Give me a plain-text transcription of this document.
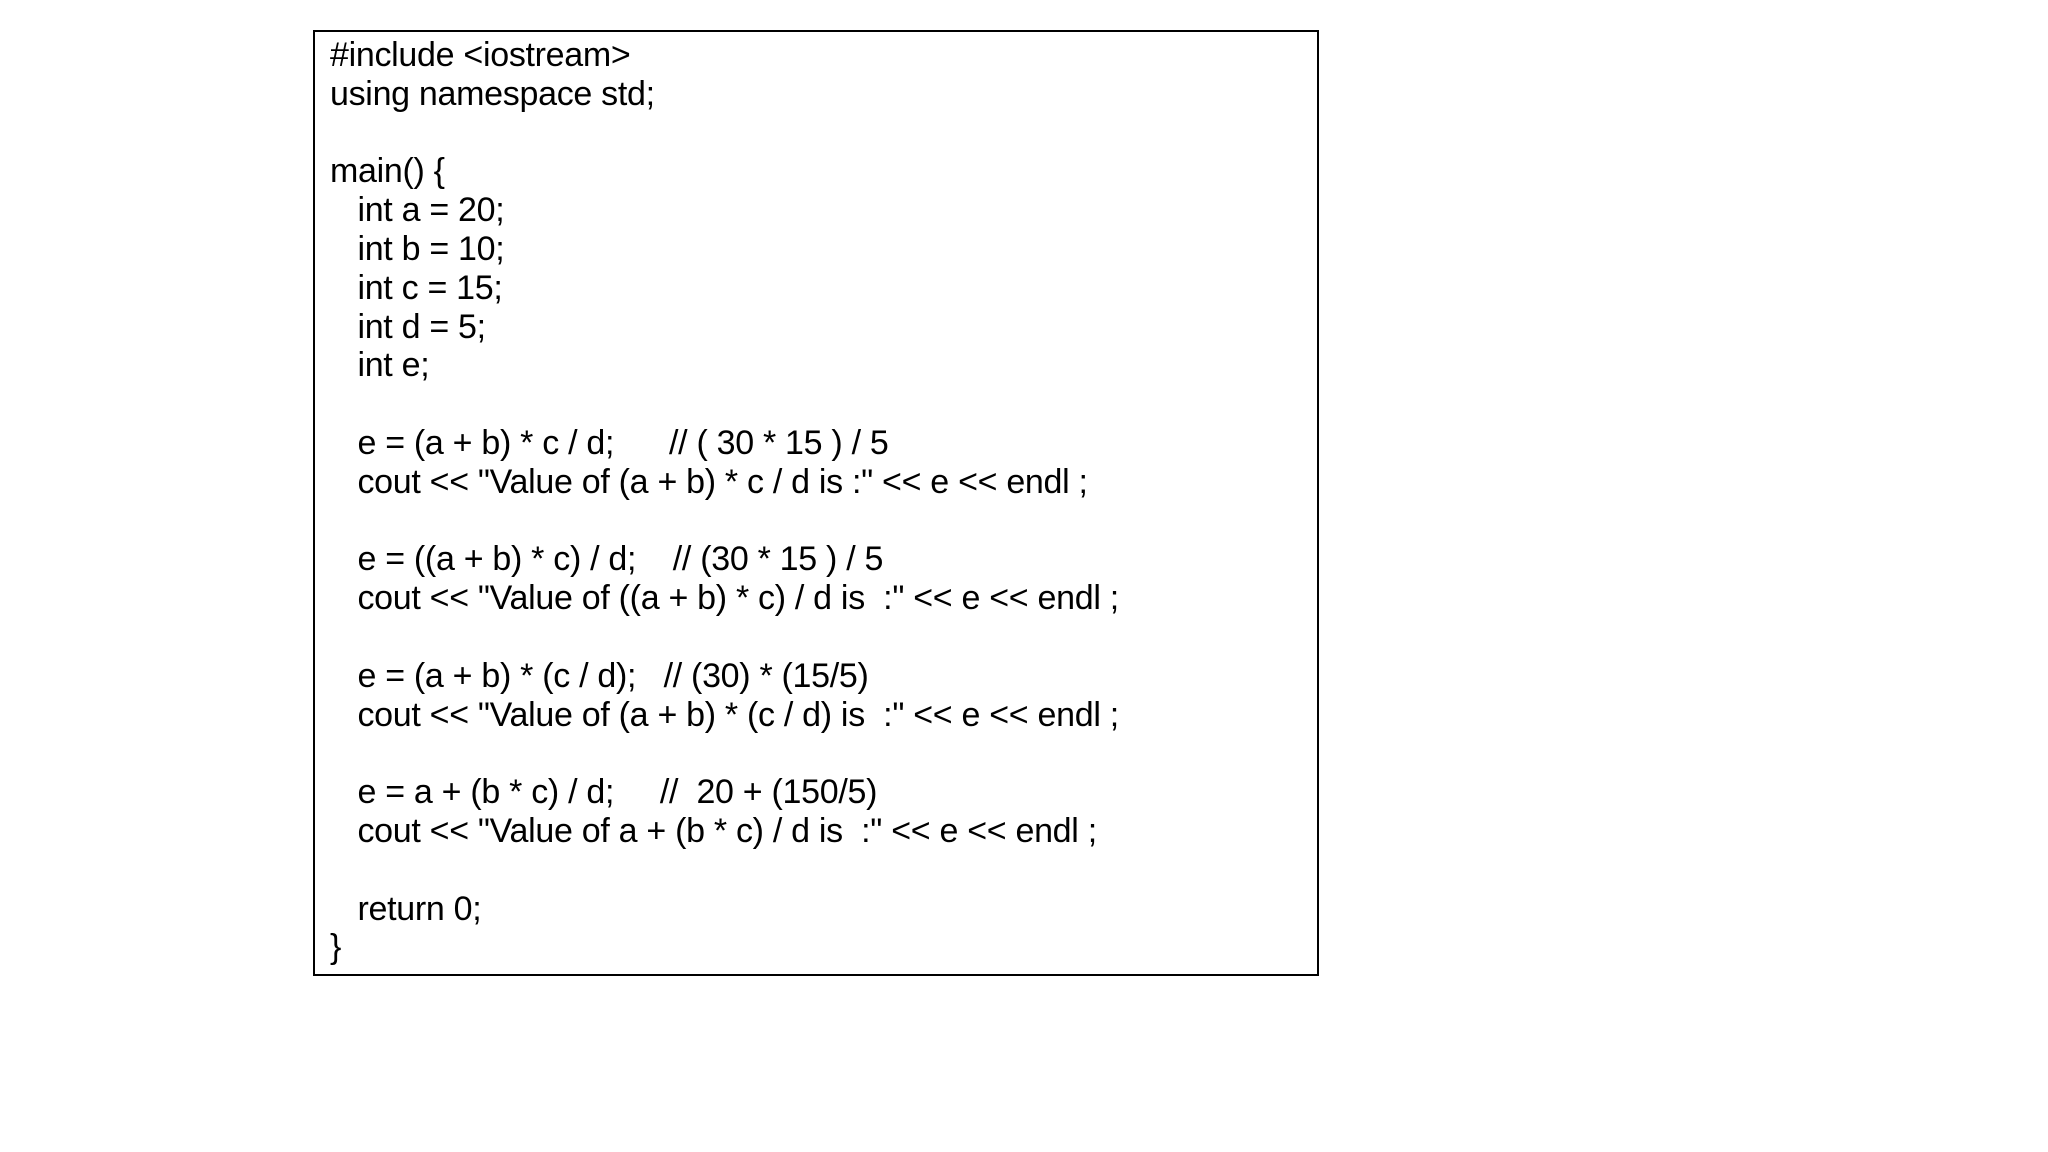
#include <iostream>
using namespace std;
main() {
int a = 20;
int b = 10;
int c = 15;
int d = 5;
int e;
e = (a + b) * c / d;      // ( 30 * 15 ) / 5
cout << "Value of (a + b) * c / d is :" << e << endl ;
e = ((a + b) * c) / d;    // (30 * 15 ) / 5
cout << "Value of ((a + b) * c) / d is  :" << e << endl ;
e = (a + b) * (c / d);   // (30) * (15/5)
cout << "Value of (a + b) * (c / d) is  :" << e << endl ;
e = a + (b * c) / d;     //  20 + (150/5)
cout << "Value of a + (b * c) / d is  :" << e << endl ;
return 0;
}
